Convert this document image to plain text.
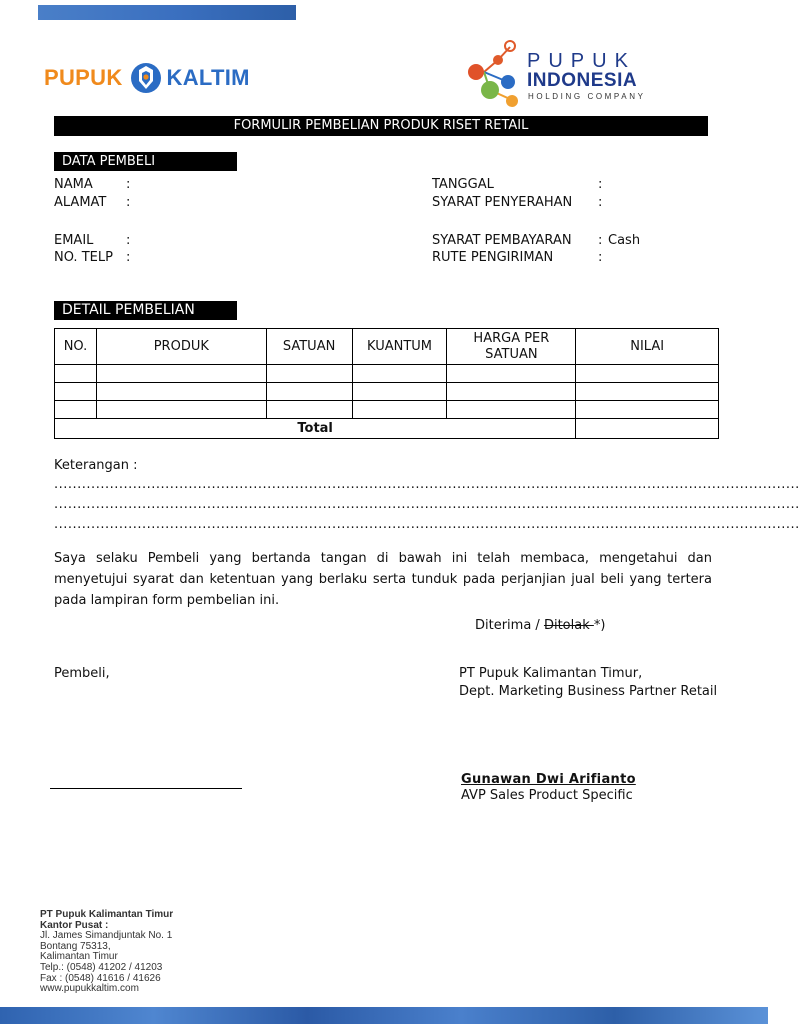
PUPUK KALTIM
PUPUK
INDONESIA
HOLDING COMPANY
FORMULIR PEMBELIAN PRODUK RISET RETAIL
DATA PEMBELI
NAMA	:
ALAMAT :
EMAIL	:
NO. TELP :
TANGGAL	:
SYARAT PENYERAHAN :
SYARAT PEMBAYARAN : Cash
RUTE PENGIRIMAN	:
DETAIL PEMBELIAN
NO.	PRODUK	SATUAN	KUANTUM	HARGA PER SATUAN	NILAI

Total					
Keterangan :
.................................................................................................................................................................
.................................................................................................................................................................
.................................................................................................................................................................
Saya selaku Pembeli yang bertanda tangan di bawah ini telah membaca, mengetahui dan menyetujui syarat dan ketentuan yang berlaku serta tunduk pada perjanjian jual beli yang tertera pada lampiran form pembelian ini.
Diterima / Ditolak *)
Pembeli,	PT Pupuk Kalimantan Timur,
Dept. Marketing Business Partner Retail
Gunawan Dwi Arifianto
AVP Sales Product Specific
PT Pupuk Kalimantan Timur
Kantor Pusat :
Jl. James Simandjuntak No. 1
Bontang 75313,
Kalimantan Timur
Telp.: (0548) 41202 / 41203
Fax : (0548) 41616 / 41626
www.pupukkaltim.com
